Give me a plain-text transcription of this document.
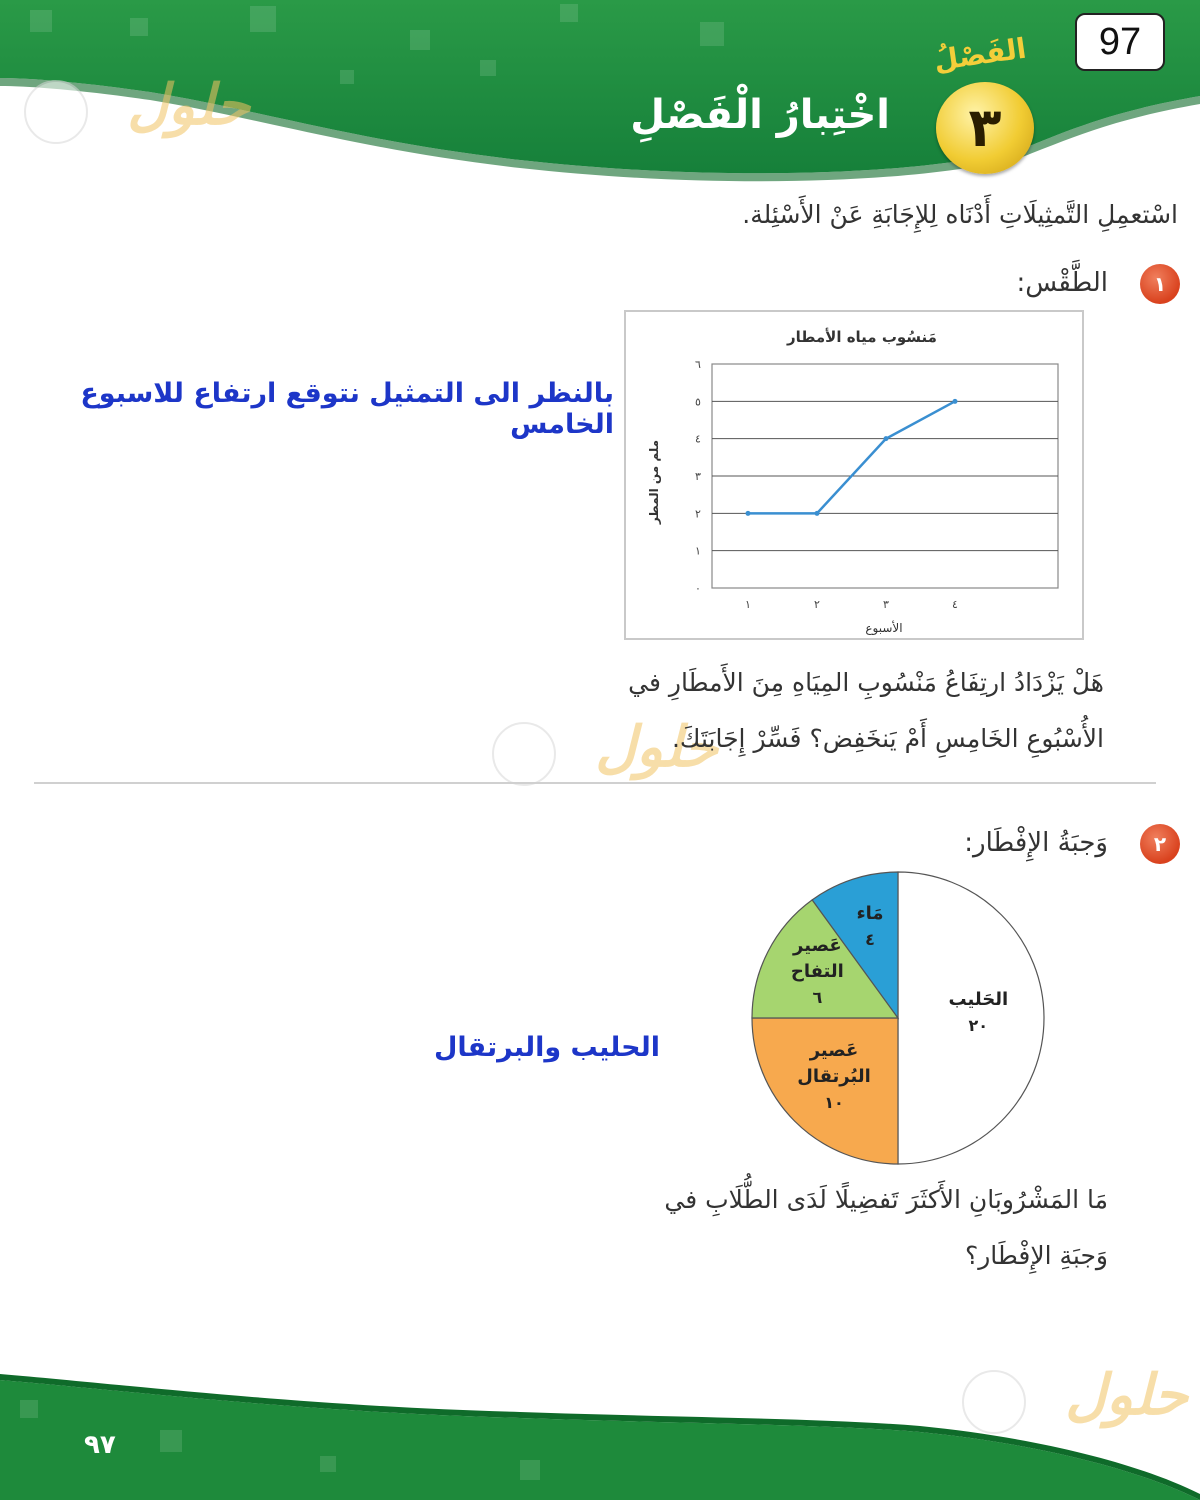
97
الفَصْلُ
٣
اخْتِبارُ الْفَصْلِ
حلول
حلول
حلول
اسْتعمِلِ التَّمثِيلَاتِ أَدْنَاه لِلإِجَابَةِ عَنْ الأَسْئِلة.
١
الطَّقْس:
مَنسُوب مياه الأمطار
٠
١
٢
٣
٤
٥
٦
١	٢	٣	٤
الأسبوع
ملم من المطر
بالنظر الى التمثيل نتوقع ارتفاع للاسبوع الخامس
هَلْ يَزْدَادُ ارتِفَاعُ مَنْسُوبِ المِيَاهِ مِنَ الأَمطَارِ في
الأُسْبُوعِ الخَامِسِ أَمْ يَنخَفِض؟ فَسِّرْ إِجَابَتَكَ.
٢
وَجبَةُ الإِفْطَار:
الحَليب
٢٠
عَصير
البُرتقال
١٠
عَصير
التفاح
٦
مَاء
٤
الحليب والبرتقال
مَا المَشْرُوبَانِ الأَكثَرَ تَفضِيلًا لَدَى الطُّلَابِ في
وَجبَةِ الإِفْطَار؟
٩٧
